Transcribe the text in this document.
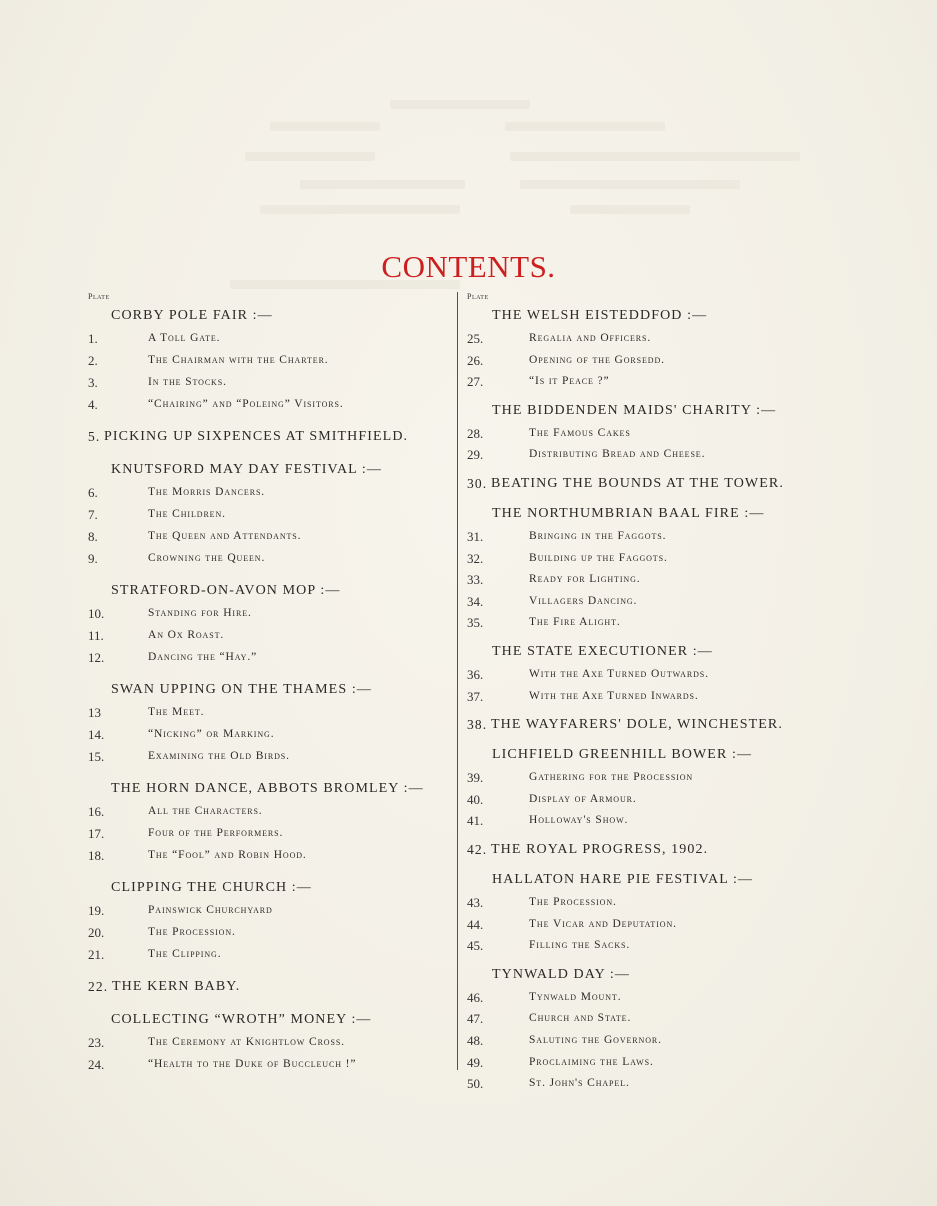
CONTENTS.
Plate	Plate
CORBY POLE FAIR :—
1.	A Toll Gate.
2.	The Chairman with the Charter.
3.	In the Stocks.
4.	“Chairing” and “Poleing” Visitors.
5. PICKING UP SIXPENCES AT SMITHFIELD.
KNUTSFORD MAY DAY FESTIVAL :—
6.	The Morris Dancers.
7.	The Children.
8.	The Queen and Attendants.
9.	Crowning the Queen.
STRATFORD-ON-AVON MOP :—
10.	Standing for Hire.
11.	An Ox Roast.
12.	Dancing the “Hay.”
SWAN UPPING ON THE THAMES :—
13	The Meet.
14.	“Nicking” or Marking.
15.	Examining the Old Birds.
THE HORN DANCE, ABBOTS BROMLEY :—
16.	All the Characters.
17.	Four of the Performers.
18.	The “Fool” and Robin Hood.
CLIPPING THE CHURCH :—
19.	Painswick Churchyard
20.	The Procession.
21.	The Clipping.
22. THE KERN BABY.
COLLECTING “WROTH” MONEY :—
23.	The Ceremony at Knightlow Cross.
24.	“Health to the Duke of Buccleuch !”
THE WELSH EISTEDDFOD :—
25.	Regalia and Officers.
26.	Opening of the Gorsedd.
27.	“Is it Peace ?”
THE BIDDENDEN MAIDS' CHARITY :—
28.	The Famous Cakes
29.	Distributing Bread and Cheese.
30. BEATING THE BOUNDS AT THE TOWER.
THE NORTHUMBRIAN BAAL FIRE :—
31.	Bringing in the Faggots.
32.	Building up the Faggots.
33.	Ready for Lighting.
34.	Villagers Dancing.
35.	The Fire Alight.
THE STATE EXECUTIONER :—
36.	With the Axe Turned Outwards.
37.	With the Axe Turned Inwards.
38. THE WAYFARERS' DOLE, WINCHESTER.
LICHFIELD GREENHILL BOWER :—
39.	Gathering for the Procession
40.	Display of Armour.
41.	Holloway's Show.
42. THE ROYAL PROGRESS, 1902.
HALLATON HARE PIE FESTIVAL :—
43.	The Procession.
44.	The Vicar and Deputation.
45.	Filling the Sacks.
TYNWALD DAY :—
46.	Tynwald Mount.
47.	Church and State.
48.	Saluting the Governor.
49.	Proclaiming the Laws.
50.	St. John's Chapel.
